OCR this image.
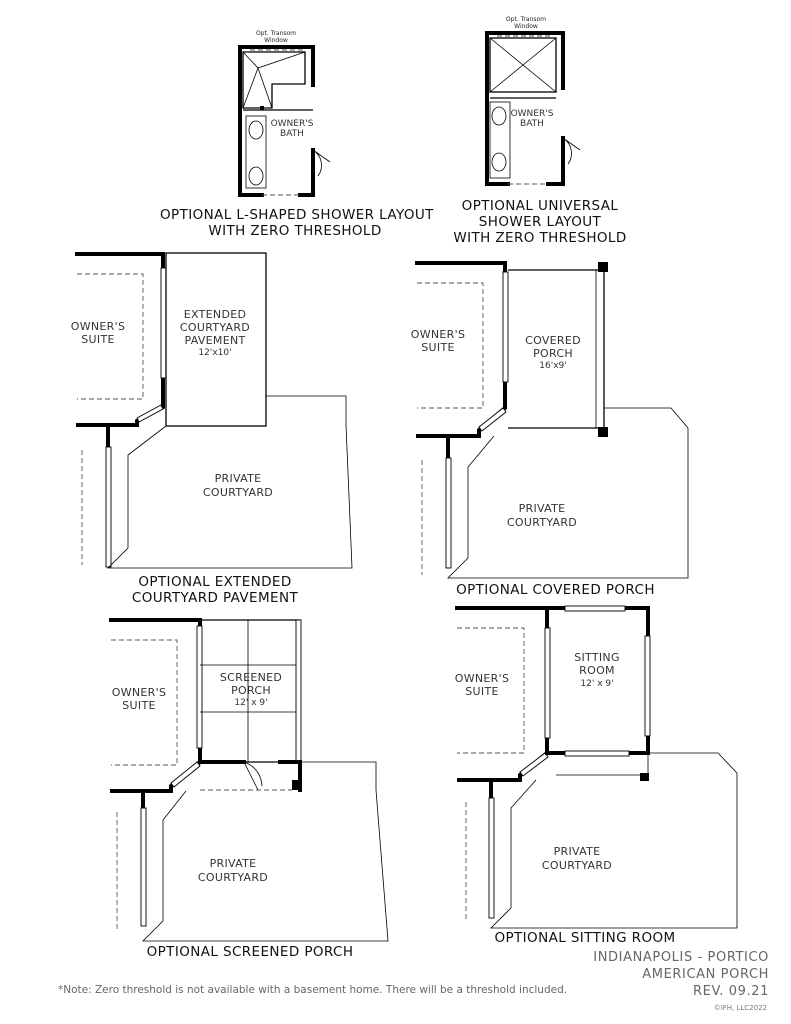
Opt. Transom
Window
OWNER'S
BATH
Opt. Transom
Window
OWNER'S
BATH
OWNER'S
SUITE
EXTENDED
COURTYARD
PAVEMENT
12'x10'
PRIVATE
COURTYARD
OWNER'S
SUITE
COVERED
PORCH
16'x9'
PRIVATE
COURTYARD
OWNER'S
SUITE
SCREENED
PORCH
12' x 9'
PRIVATE
COURTYARD
OWNER'S
SUITE
SITTING
ROOM
12' x 9'
PRIVATE
COURTYARD
OPTIONAL L-SHAPED SHOWER LAYOUT
WITH ZERO THRESHOLD
OPTIONAL UNIVERSAL
SHOWER LAYOUT
WITH ZERO THRESHOLD
OPTIONAL EXTENDED
COURTYARD PAVEMENT	OPTIONAL COVERED PORCH
OPTIONAL SCREENED PORCH
OPTIONAL SITTING ROOM
*Note: Zero threshold is not available with a basement home. There will be a threshold included.
INDIANAPOLIS - PORTICO
AMERICAN PORCH
REV. 09.21
©IFH, LLC2022
